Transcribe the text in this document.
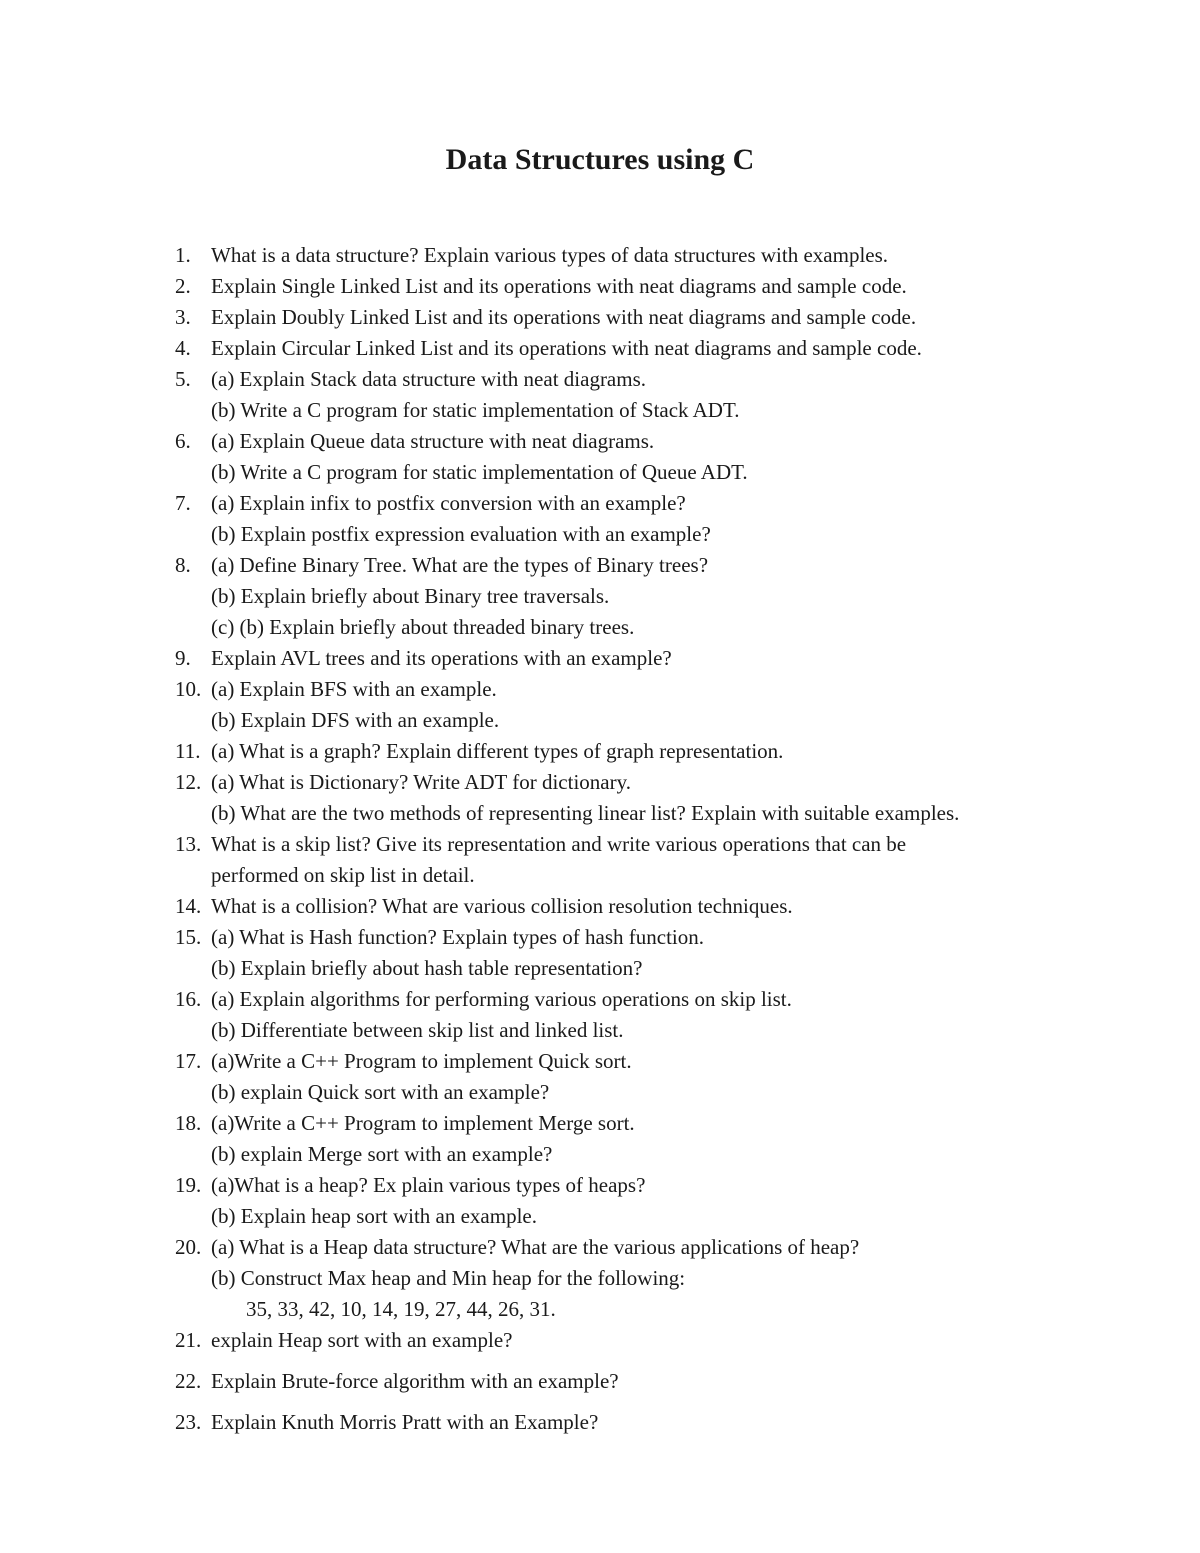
Data Structures using C
1. What is a data structure? Explain various types of data structures with examples.
2. Explain Single Linked List and its operations with neat diagrams and sample code.
3. Explain Doubly Linked List and its operations with neat diagrams and sample code.
4. Explain Circular Linked List and its operations with neat diagrams and sample code.
5. (a) Explain Stack data structure with neat diagrams.
(b) Write a C program for static implementation of Stack ADT.
6. (a) Explain Queue data structure with neat diagrams.
(b) Write a C program for static implementation of Queue ADT.
7. (a) Explain infix to postfix conversion with an example?
(b) Explain postfix expression evaluation with an example?
8. (a) Define Binary Tree. What are the types of Binary trees?
(b) Explain briefly about Binary tree traversals.
(c) (b) Explain briefly about threaded binary trees.
9. Explain AVL trees and its operations with an example?
10. (a) Explain BFS with an example.
(b) Explain DFS with an example.
11. (a) What is a graph? Explain different types of graph representation.
12. (a) What is Dictionary? Write ADT for dictionary.
(b) What are the two methods of representing linear list? Explain with suitable examples.
13. What is a skip list? Give its representation and write various operations that can be
performed on skip list in detail.
14. What is a collision? What are various collision resolution techniques.
15. (a) What is Hash function? Explain types of hash function.
(b) Explain briefly about hash table representation?
16. (a) Explain algorithms for performing various operations on skip list.
(b) Differentiate between skip list and linked list.
17. (a)Write a C++ Program to implement Quick sort.
(b) explain Quick sort with an example?
18. (a)Write a C++ Program to implement Merge sort.
(b) explain Merge sort with an example?
19. (a)What is a heap? Ex plain various types of heaps?
(b) Explain heap sort with an example.
20. (a) What is a Heap data structure? What are the various applications of heap?
(b) Construct Max heap and Min heap for the following:
35, 33, 42, 10, 14, 19, 27, 44, 26, 31.
21. explain Heap sort with an example?
22. Explain Brute-force algorithm with an example?
23. Explain Knuth Morris Pratt with an Example?
